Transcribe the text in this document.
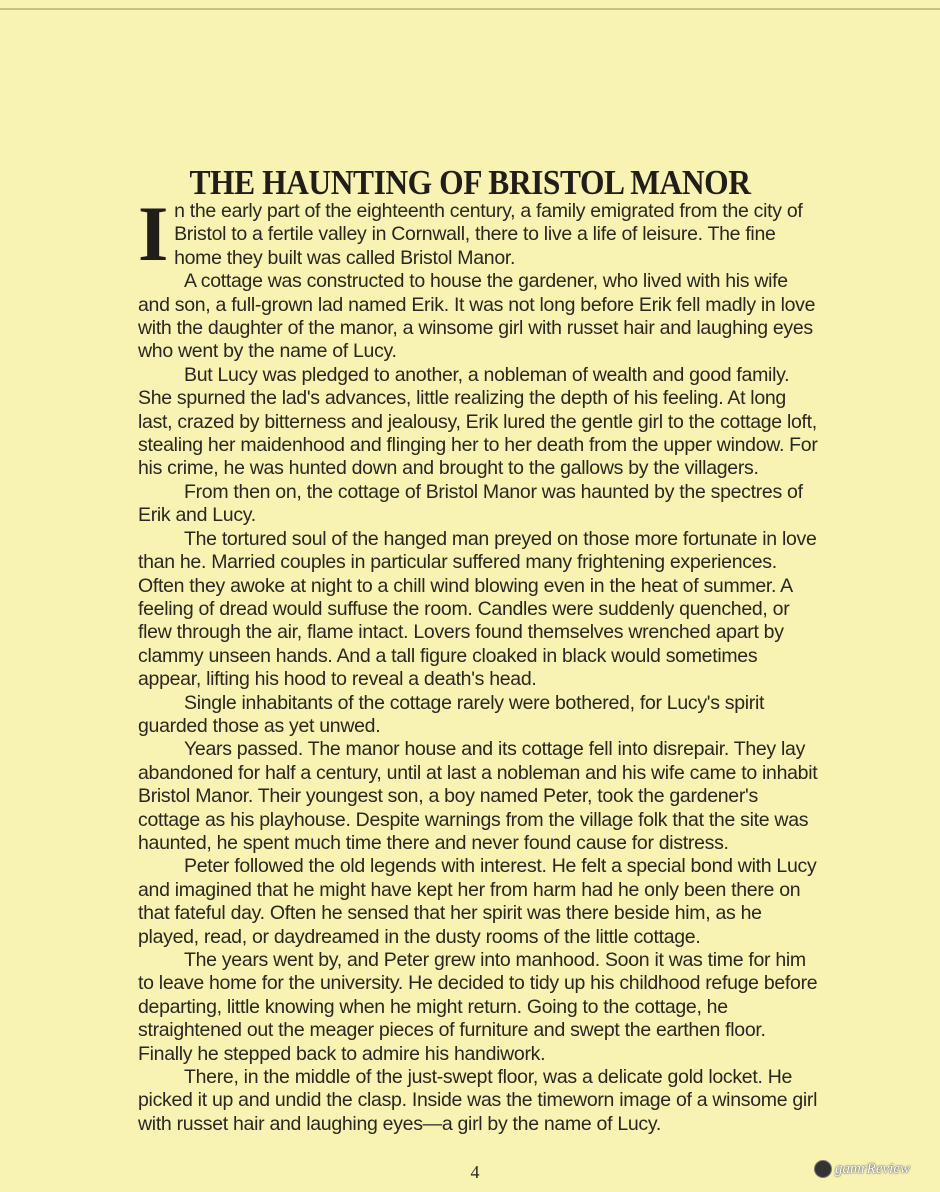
THE HAUNTING OF BRISTOL MANOR

In the early part of the eighteenth century, a family emigrated from the city of Bristol to a fertile valley in Cornwall, there to live a life of leisure. The fine home they built was called Bristol Manor.

A cottage was constructed to house the gardener, who lived with his wife and son, a full-grown lad named Erik. It was not long before Erik fell madly in love with the daughter of the manor, a winsome girl with russet hair and laughing eyes who went by the name of Lucy.

But Lucy was pledged to another, a nobleman of wealth and good family. She spurned the lad's advances, little realizing the depth of his feeling. At long last, crazed by bitterness and jealousy, Erik lured the gentle girl to the cottage loft, stealing her maidenhood and flinging her to her death from the upper window. For his crime, he was hunted down and brought to the gallows by the villagers.

From then on, the cottage of Bristol Manor was haunted by the spectres of Erik and Lucy.

The tortured soul of the hanged man preyed on those more fortunate in love than he. Married couples in particular suffered many frightening experiences. Often they awoke at night to a chill wind blowing even in the heat of summer. A feeling of dread would suffuse the room. Candles were suddenly quenched, or flew through the air, flame intact. Lovers found themselves wrenched apart by clammy unseen hands. And a tall figure cloaked in black would sometimes appear, lifting his hood to reveal a death's head.

Single inhabitants of the cottage rarely were bothered, for Lucy's spirit guarded those as yet unwed.

Years passed. The manor house and its cottage fell into disrepair. They lay abandoned for half a century, until at last a nobleman and his wife came to inhabit Bristol Manor. Their youngest son, a boy named Peter, took the gardener's cottage as his playhouse. Despite warnings from the village folk that the site was haunted, he spent much time there and never found cause for distress.

Peter followed the old legends with interest. He felt a special bond with Lucy and imagined that he might have kept her from harm had he only been there on that fateful day. Often he sensed that her spirit was there beside him, as he played, read, or daydreamed in the dusty rooms of the little cottage.

The years went by, and Peter grew into manhood. Soon it was time for him to leave home for the university. He decided to tidy up his childhood refuge before departing, little knowing when he might return. Going to the cottage, he straightened out the meager pieces of furniture and swept the earthen floor. Finally he stepped back to admire his handiwork.

There, in the middle of the just-swept floor, was a delicate gold locket. He picked it up and undid the clasp. Inside was the timeworn image of a winsome girl with russet hair and laughing eyes—a girl by the name of Lucy.

4	gamrReview
